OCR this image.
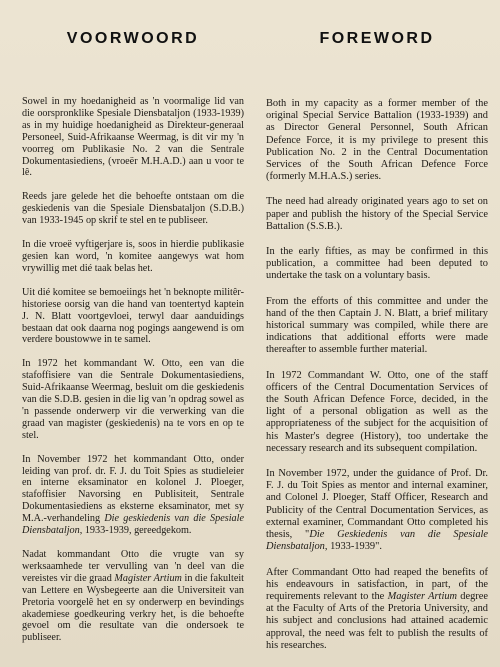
VOORWOORD

Sowel in my hoedanigheid as 'n voormalige lid van die oorspronklike Spesiale Diensbataljon (1933-1939) as in my huidige hoedanigheid as Direkteur-generaal Personeel, Suid-Afrikaanse Weermag, is dit vir my 'n voorreg om Publikasie No. 2 van die Sentrale Dokumentasiediens, (vroeër M.H.A.D.) aan u voor te lê.

Reeds jare gelede het die behoefte ontstaan om die geskiedenis van die Spesiale Diensbataljon (S.D.B.) van 1933-1945 op skrif te stel en te publiseer.

In die vroeë vyftigerjare is, soos in hierdie publikasie gesien kan word, 'n komitee aangewys wat hom vrywillig met dié taak belas het.

Uit dié komitee se bemoeiings het 'n beknopte militêr-historiese oorsig van die hand van toentertyd kaptein J. N. Blatt voortgevloei, terwyl daar aanduidings bestaan dat ook daarna nog pogings aangewend is om verdere boustowwe in te samel.

In 1972 het kommandant W. Otto, een van die stafoffisiere van die Sentrale Dokumentasiediens, Suid-Afrikaanse Weermag, besluit om die geskiedenis van die S.D.B. gesien in die lig van 'n opdrag sowel as 'n passende onderwerp vir die verwerking van die graad van magister (geskiedenis) na te vors en op te stel.

In November 1972 het kommandant Otto, onder leiding van prof. dr. F. J. du Toit Spies as studieleier en interne eksaminator en kolonel J. Ploeger, stafoffisier Navorsing en Publisiteit, Sentrale Dokumentasiediens as eksterne eksaminator, met sy M.A.-verhandeling Die geskiedenis van die Spesiale Diensbataljon, 1933-1939, gereedgekom.

Nadat kommandant Otto die vrugte van sy werksaamhede ter vervulling van 'n deel van die vereistes vir die graad Magister Artium in die fakulteit van Lettere en Wysbegeerte aan die Universiteit van Pretoria voorgelê het en sy onderwerp en bevindings akademiese goedkeuring verkry het, is die behoefte gevoel om die resultate van die ondersoek te publiseer.

FOREWORD

Both in my capacity as a former member of the original Special Service Battalion (1933-1939) and as Director General Personnel, South African Defence Force, it is my privilege to present this Publication No. 2 in the Central Documentation Services of the South African Defence Force (formerly M.H.A.S.) series.

The need had already originated years ago to set on paper and publish the history of the Special Service Battalion (S.S.B.).

In the early fifties, as may be confirmed in this publication, a committee had been deputed to undertake the task on a voluntary basis.

From the efforts of this committee and under the hand of the then Captain J. N. Blatt, a brief military historical summary was compiled, while there are indications that additional efforts were made thereafter to assemble further material.

In 1972 Commandant W. Otto, one of the staff officers of the Central Documentation Services of the South African Defence Force, decided, in the light of a personal obligation as well as the appropriateness of the subject for the acquisition of his Master's degree (History), too undertake the necessary research and its subsequent compilation.

In November 1972, under the guidance of Prof. Dr. F. J. du Toit Spies as mentor and internal examiner, and Colonel J. Ploeger, Staff Officer, Research and Publicity of the Central Documentation Services, as external examiner, Commandant Otto completed his thesis, "Die Geskiedenis van die Spesiale Diensbataljon, 1933-1939".

After Commandant Otto had reaped the benefits of his endeavours in satisfaction, in part, of the requirements relevant to the Magister Artium degree at the Faculty of Arts of the Pretoria University, and his subject and conclusions had attained academic approval, the need was felt to publish the results of his researches.
